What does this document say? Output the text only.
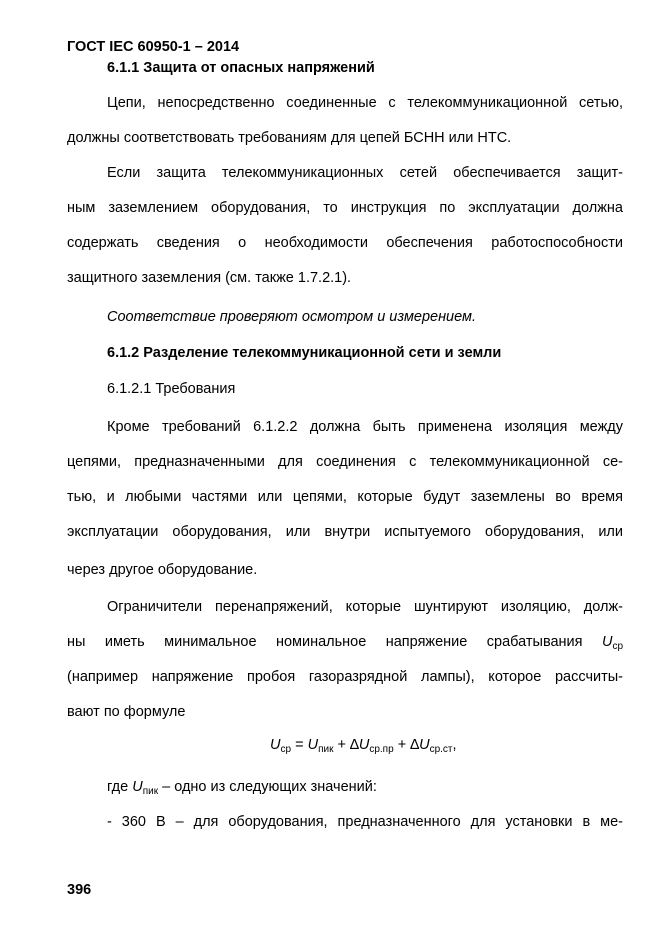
ГОСТ IEC 60950-1 – 2014
6.1.1 Защита от опасных напряжений
Цепи, непосредственно соединенные с телекоммуникационной сетью,
должны соответствовать требованиям для цепей БСНН или НТС.
Если защита телекоммуникационных сетей обеспечивается защит-
ным заземлением оборудования, то инструкция по эксплуатации должна
содержать сведения о необходимости обеспечения работоспособности
защитного заземления (см. также 1.7.2.1).
Соответствие проверяют осмотром и измерением.
6.1.2 Разделение телекоммуникационной сети и земли
6.1.2.1 Требования
Кроме требований 6.1.2.2 должна быть применена изоляция между
цепями, предназначенными для соединения с телекоммуникационной се-
тью, и любыми частями или цепями, которые будут заземлены во время
эксплуатации оборудования, или внутри испытуемого оборудования, или
через другое оборудование.
Ограничители перенапряжений, которые шунтируют изоляцию, долж-
ны иметь минимальное номинальное напряжение срабатывания $U_{ср}$
(например напряжение пробоя газоразрядной лампы), которое рассчиты-
вают по формуле
$U_{ср} = U_{пик} + \Delta U_{ср.пр} + \Delta U_{ср.ст}$,
где $U_{пик}$ – одно из следующих значений:
- 360 В – для оборудования, предназначенного для установки в ме-
396
